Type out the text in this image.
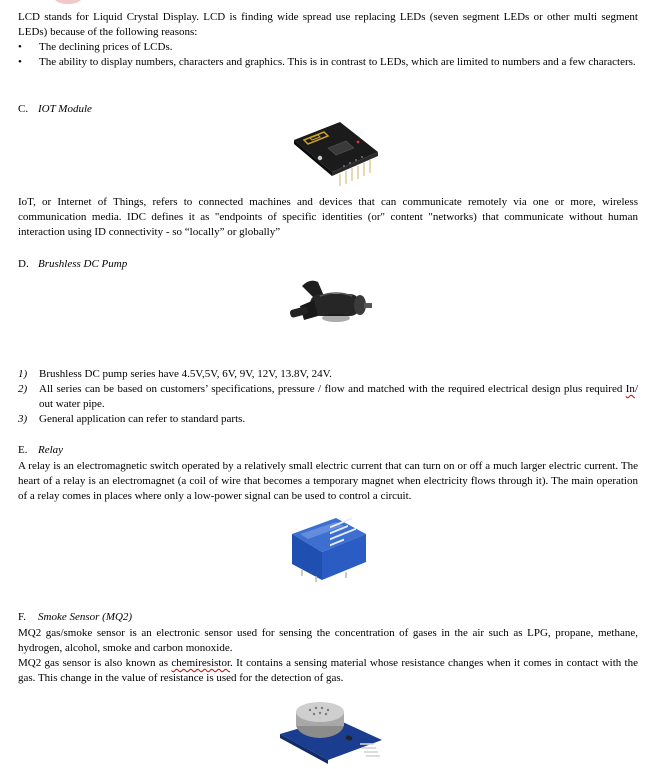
LCD stands for Liquid Crystal Display. LCD is finding wide spread use replacing LEDs (seven segment LEDs or other multi segment LEDs) because of the following reasons:

•	The declining prices of LCDs.
•	The ability to display numbers, characters and graphics. This is in contrast to LEDs, which are limited to numbers and a few characters.
C. IOT Module

IoT, or Internet of Things, refers to connected machines and devices that can communicate remotely via one or more, wireless communication media. IDC defines it as "endpoints of specific identities (or" content "networks) that communicate without human interaction using ID connectivity - so “locally” or globally”

D. Brushless DC Pump
1) Brushless DC pump series have 4.5V,5V, 6V, 9V, 12V, 13.8V, 24V.
2) All series can be based on customers’ specifications, pressure / flow and matched with the required electrical design plus required In/ out water pipe.
3) General application can refer to standard parts.
E. Relay

A relay is an electromagnetic switch operated by a relatively small electric current that can turn on or off a much larger electric current. The heart of a relay is an electromagnet (a coil of wire that becomes a temporary magnet when electricity flows through it). The main operation of a relay comes in places where only a low-power signal can be used to control a circuit.

F. Smoke Sensor (MQ2)

MQ2 gas/smoke sensor is an electronic sensor used for sensing the concentration of gases in the air such as LPG, propane, methane, hydrogen, alcohol, smoke and carbon monoxide.

MQ2 gas sensor is also known as chemiresistor. It contains a sensing material whose resistance changes when it comes in contact with the gas. This change in the value of resistance is used for the detection of gas.
